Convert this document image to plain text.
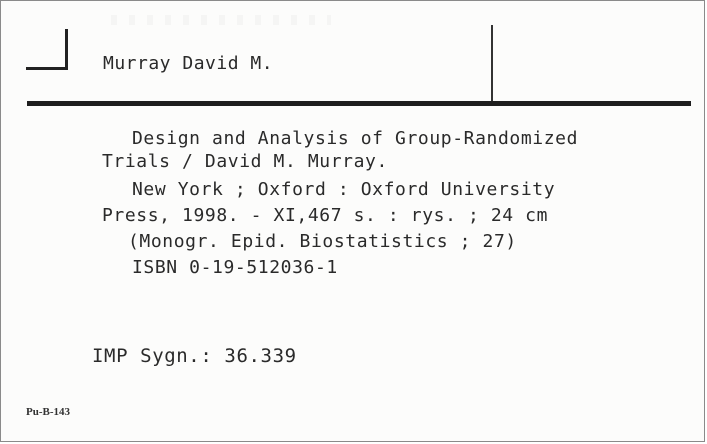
Murray David M.
Design and Analysis of Group-Randomized
Trials / David M. Murray.
New York ; Oxford : Oxford University
Press, 1998. - XI,467 s. : rys. ; 24 cm
(Monogr. Epid. Biostatistics ; 27)
ISBN 0-19-512036-1
IMP Sygn.: 36.339
Pu-B-143
